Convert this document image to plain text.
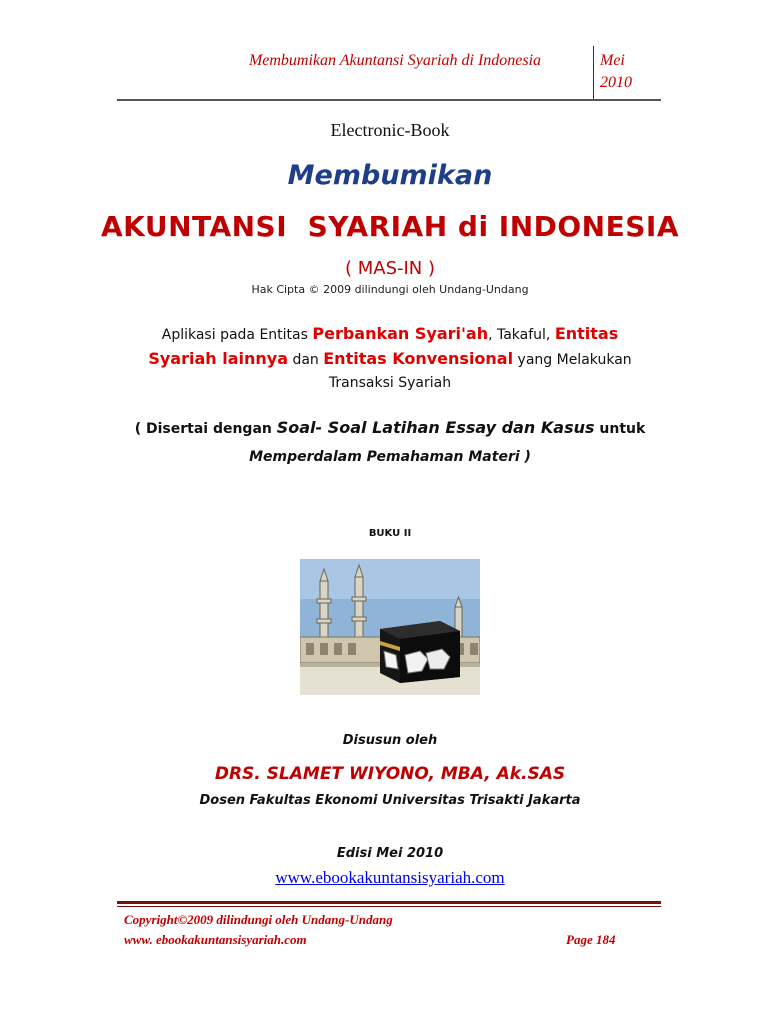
Membumikan Akuntansi Syariah di Indonesia	Mei
2010
Electronic-Book
Membumikan
AKUNTANSI  SYARIAH di INDONESIA
( MAS-IN )
Hak Cipta © 2009 dilindungi oleh Undang-Undang
Aplikasi pada Entitas Perbankan Syari'ah, Takaful, Entitas Syariah lainnya dan Entitas Konvensional yang Melakukan Transaksi Syariah
( Disertai dengan Soal- Soal Latihan Essay dan Kasus untuk
Memperdalam Pemahaman Materi )
BUKU II
Disusun oleh
DRS. SLAMET WIYONO, MBA, Ak.SAS
Dosen Fakultas Ekonomi Universitas Trisakti Jakarta
Edisi Mei 2010
www.ebookakuntansisyariah.com
Copyright©2009 dilindungi oleh Undang-Undang
www. ebookakuntansisyariah.com	Page 184
